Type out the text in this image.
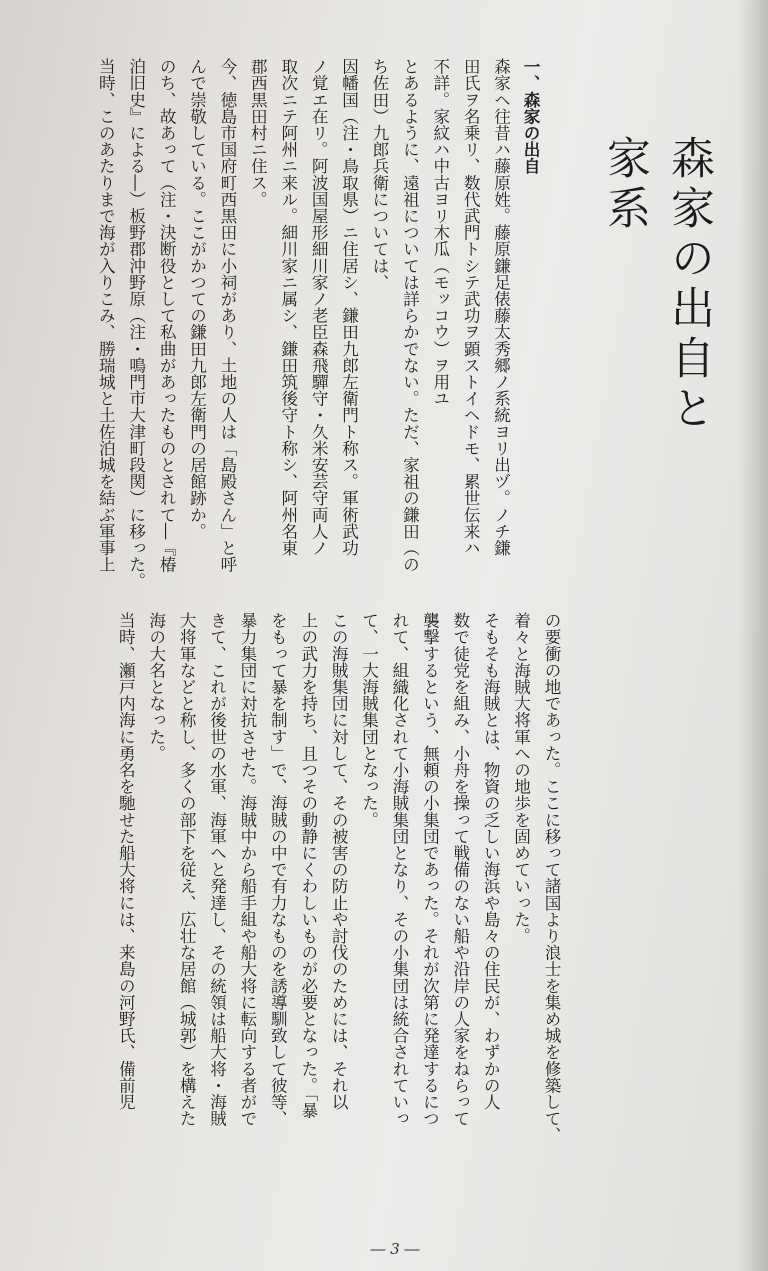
森家の出自と家系

一、森家の出自

森家ヘ往昔ハ藤原姓。藤原鎌足俵藤太秀郷ノ系統ヨリ出ヅ。ノチ鎌

田氏ヲ名乗リ、数代武門トシテ武功ヲ顕ストイヘドモ、累世伝来ハ

不詳。家紋ハ中古ヨリ木瓜（モッコウ）ヲ用ユ

とあるように、遠祖については詳らかでない。ただ、家祖の鎌田（の

ち佐田）九郎兵衛については、

因幡国（注・鳥取県）ニ住居シ、鎌田九郎左衛門ト称ス。軍術武功

ノ覚エ在リ。阿波国屋形細川家ノ老臣森飛驒守・久米安芸守両人ノ

取次ニテ阿州ニ来ル。細川家ニ属シ、鎌田筑後守ト称シ、阿州名東

郡西黒田村ニ住ス。

今、徳島市国府町西黒田に小祠があり、土地の人は「島殿さん」と呼

んで崇敬している。ここがかつての鎌田九郎左衛門の居館跡か。

のち、故あって（注・決断役として私曲があったものとされて―『椿

泊旧史』による―）板野郡沖野原（注・鳴門市大津町段関）に移った。

当時、このあたりまで海が入りこみ、勝瑞城と土佐泊城を結ぶ軍事上

の要衝の地であった。ここに移って諸国より浪士を集め城を修築して、

着々と海賊大将軍への地歩を固めていった。

そもそも海賊とは、物資の乏しい海浜や島々の住民が、わずかの人

数で徒党を組み、小舟を操って戦備のない船や沿岸の人家をねらって

襲撃するという、無頼の小集団であった。それが次第に発達するにつ

れて、組織化されて小海賊集団となり、その小集団は統合されていっ

て、一大海賊集団となった。

この海賊集団に対して、その被害の防止や討伐のためには、それ以

上の武力を持ち、且つその動静にくわしいものが必要となった。「暴

をもって暴を制す」で、海賊の中で有力なものを誘導馴致して彼等、

暴力集団に対抗させた。海賊中から船手組や船大将に転向する者がで

きて、これが後世の水軍、海軍へと発達し、その統領は船大将・海賊

大将軍などと称し、多くの部下を従え、広壮な居館（城郭）を構えた

海の大名となった。

当時、瀬戸内海に勇名を馳せた船大将には、来島の河野氏、備前児

― 3 ―
